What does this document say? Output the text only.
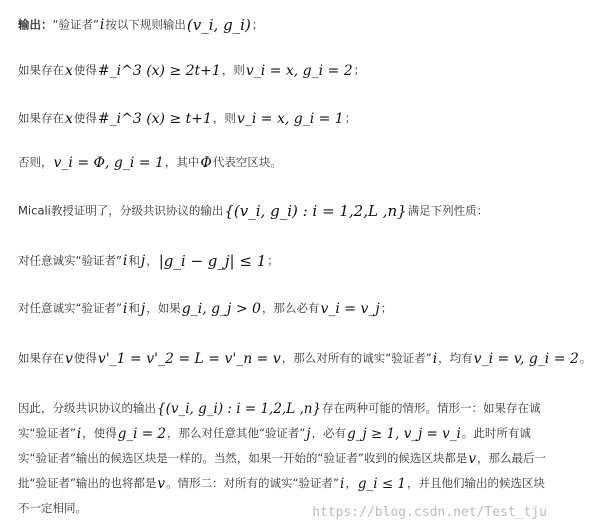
输出：“验证者”i按以下规则输出(v_i, g_i)；
如果存在x使得#_i^3 (x) ≥ 2t+1，则v_i = x, g_i = 2；
如果存在x使得#_i^3 (x) ≥ t+1，则v_i = x, g_i = 1；
否则，v_i = Φ, g_i = 1，其中Φ代表空区块。
Micali教授证明了，分级共识协议的输出{(v_i, g_i) : i = 1,2,L ,n}满足下列性质：
对任意诚实“验证者”i和j，|g_i − g_j| ≤ 1；
对任意诚实“验证者”i和j，如果g_i, g_j > 0，那么必有v_i = v_j；
如果存在v使得v'_1 = v'_2 = L = v'_n = v，那么对所有的诚实“验证者”i，均有v_i = v, g_i = 2。
因此，分级共识协议的输出{(v_i, g_i) : i = 1,2,L ,n}存在两种可能的情形。情形一：如果存在诚实“验证者”i，使得g_i = 2，那么对任意其他“验证者”j，必有g_j ≥ 1, v_j = v_i。此时所有诚实“验证者”输出的候选区块是一样的。当然，如果一开始的“验证者”收到的候选区块都是v，那么最后一批“验证者”输出的也将都是v。情形二：对所有的诚实“验证者”i，g_i ≤ 1，并且他们输出的候选区块不一定相同。	https://blog.csdn.net/Test_tju
